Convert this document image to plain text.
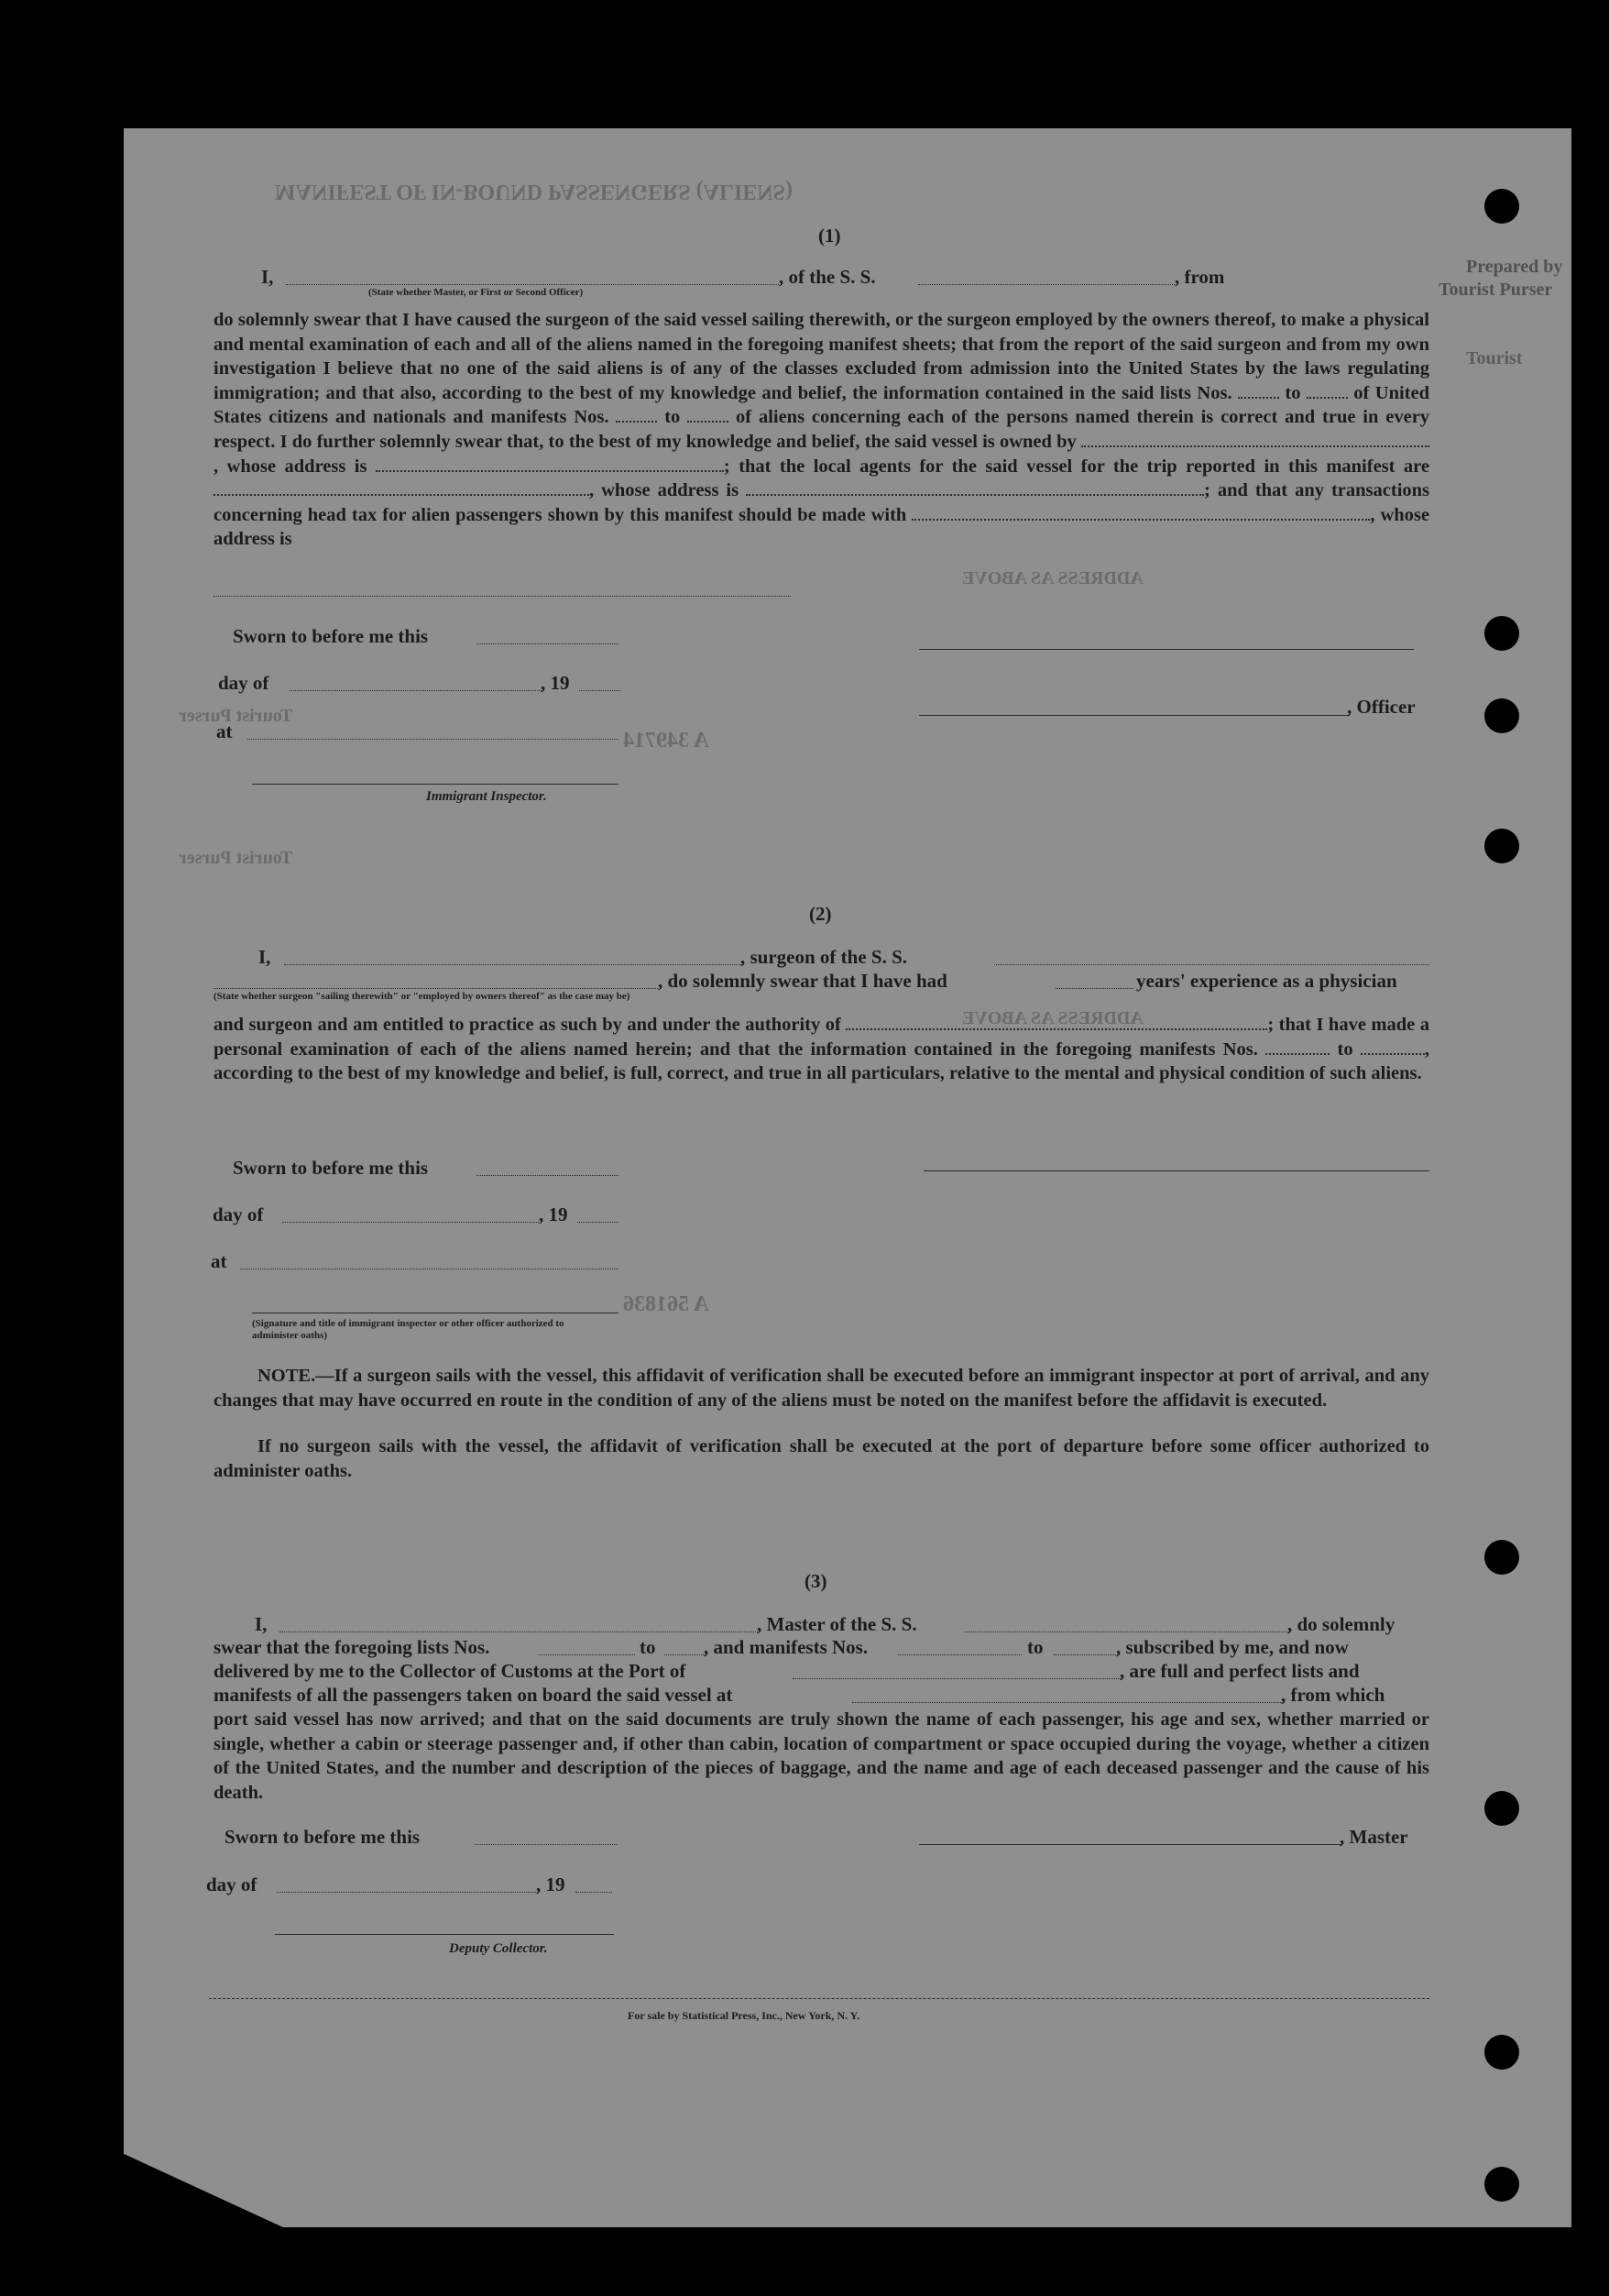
MANIFEST OF IN-BOUND PASSENGERS (ALIENS)
Prepared by
Tourist Purser
Tourist
Tourist Purser
Tourist Purser
A 349714
A 561836
ADDRESS AS ABOVE
ADDRESS AS ABOVE
(1)
I,	, of the S. S.	, from
(State whether Master, or First or Second Officer)
do solemnly swear that I have caused the surgeon of the said vessel sailing therewith, or the surgeon employed by the owners thereof, to make a physical and mental examination of each and all of the aliens named in the foregoing manifest sheets; that from the report of the said surgeon and from my own investigation I believe that no one of the said aliens is of any of the classes excluded from admission into the United States by the laws regulating immigration; and that also, according to the best of my knowledge and belief, the information contained in the said lists Nos.	to	of United States citizens and nationals and manifests Nos.	to	of aliens concerning each of the persons named therein is correct and true in every respect. I do further solemnly swear that, to the best of my knowledge and belief, the said vessel is owned by , whose address is	; that the local agents for the said vessel for the trip reported in this manifest are , whose address is	; and that any transactions concerning head tax for alien passengers shown by this manifest should be made with	, whose address is
Sworn to before me this
day of	, 19
, Officer
at
Immigrant Inspector.
(2)
I,	, surgeon of the S. S.
, do solemnly swear that I have had	years' experience as a physician
(State whether surgeon "sailing therewith" or "employed by owners thereof" as the case may be)
and surgeon and am entitled to practice as such by and under the authority of	; that I have made a personal examination of each of the aliens named herein; and that the information contained in the foregoing manifests Nos.	to	, according to the best of my knowledge and belief, is full, correct, and true in all particulars, relative to the mental and physical condition of such aliens.
Sworn to before me this
day of	, 19
at
(Signature and title of immigrant inspector or other officer authorized to administer oaths)
NOTE.—If a surgeon sails with the vessel, this affidavit of verification shall be executed before an immigrant inspector at port of arrival, and any changes that may have occurred en route in the condition of any of the aliens must be noted on the manifest before the affidavit is executed.
If no surgeon sails with the vessel, the affidavit of verification shall be executed at the port of departure before some officer authorized to administer oaths.
(3)
I,	, Master of the S. S.	, do solemnly
swear that the foregoing lists Nos.	to	, and manifests Nos.	to	, subscribed by me, and now
delivered by me to the Collector of Customs at the Port of	, are full and perfect lists and
manifests of all the passengers taken on board the said vessel at	, from which
port said vessel has now arrived; and that on the said documents are truly shown the name of each passenger, his age and sex, whether married or single, whether a cabin or steerage passenger and, if other than cabin, location of compartment or space occupied during the voyage, whether a citizen of the United States, and the number and description of the pieces of baggage, and the name and age of each deceased passenger and the cause of his death.
Sworn to before me this	, Master
day of	, 19
Deputy Collector.
For sale by Statistical Press, Inc., New York, N. Y.
